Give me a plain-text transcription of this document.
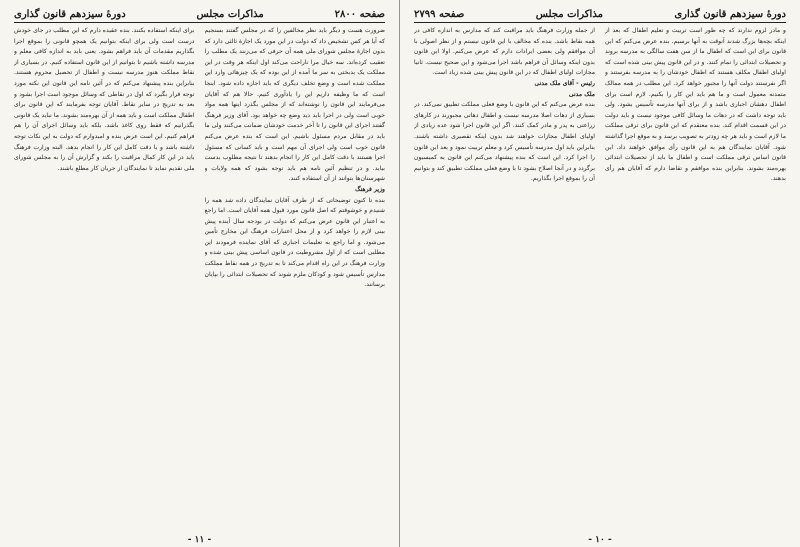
صفحه ۲۸۰۰
مذاکرات مجلس
دورهٔ سیزدهم قانون گذاری

ضرورت هست و دیگر باید نظر مخالفین را که در مجلس گفتند بسنجیم که آیا هر کس تشخیص داد که دولت در این مورد یک اجازهٔ ثالثی دارد که بدون اجازهٔ مجلس شورای ملی همه آن حرفی که می‌زنند یک مطلب را تعقیب کرده‌اند. سه خیال مرا ناراحت می‌کند اول اینکه هر وقت در این مملکت یک بدبختی به سر ما آمده از این بوده که یک چیزهائی وارد این مملکت شده است و وضع تخلف دیگری که باید اجازه داده شود. اینجا است که ما وظیفه داریم این را یادآوری کنیم. حالا هم که آقایان می‌فرمایند این قانون را نوشته‌اند که از مجلس بگذرد اینها همه مواد خوبی است ولی در اجرا باید دید وضع چه خواهد بود. آقای وزیر فرهنگ گفتند اجرای این قانون را تا آخر خدمت خودشان ضمانت می‌کنند ولی ما باید در مقابل مردم مسئول باشیم. این است که بنده عرض می‌کنم قانون خوب است ولی اجرای آن مهم است و باید کسانی که مسئول اجرا هستند با دقت کامل این کار را انجام بدهند تا نتیجه مطلوب بدست بیاید. و در تنظیم آئین نامه هم باید توجه بشود که همه ولایات و شهرستان‌ها بتوانند از آن استفاده کنند.

وزیر فرهنگ

بنده تا کنون توضیحاتی که از طرف آقایان نمایندگان داده شد همه را شنیدم و خوشوقتم که اصل قانون مورد قبول همه آقایان است. اما راجع به اعتبار این قانون عرض می‌کنم که دولت در بودجه سال آینده پیش بینی لازم را خواهد کرد و از محل اعتبارات فرهنگ این مخارج تأمین می‌شود. و اما راجع به تعلیمات اجباری که آقای نماینده فرمودند این مطلبی است که از اول مشروطیت در قانون اساسی پیش بینی شده و وزارت فرهنگ در این راه اقدام می‌کند تا به تدریج در همه نقاط مملکت مدارس تأسیس شود و کودکان ملزم شوند که تحصیلات ابتدائی را بپایان برسانند.

برای اینکه استفاده بکنند. بنده عقیده دارم که این مطلب در جای خودش درست است ولی برای اینکه بتوانیم یک همچو قانونی را بموقع اجرا بگذاریم مقدمات آن باید فراهم بشود. یعنی باید به اندازه کافی معلم و مدرسه داشته باشیم تا بتوانیم از این قانون استفاده کنیم. در بسیاری از نقاط مملکت هنوز مدرسه نیست و اطفال از تحصیل محروم هستند. بنابراین بنده پیشنهاد می‌کنم که در آئین نامه این قانون این نکته مورد توجه قرار بگیرد که اول در نقاطی که وسائل موجود است اجرا بشود و بعد به تدریج در سایر نقاط. آقایان توجه بفرمایند که این قانون برای اطفال مملکت است و باید همه از آن بهره‌مند بشوند. ما نباید یک قانونی بگذرانیم که فقط روی کاغذ باشد. بلکه باید وسائل اجرای آن را هم فراهم کنیم. این است عرض بنده و امیدوارم که دولت به این نکات توجه داشته باشد و با دقت کامل این کار را انجام بدهد. البته وزارت فرهنگ باید در این کار کمال مراقبت را بکند و گزارش آن را به مجلس شورای ملی تقدیم نماید تا نمایندگان از جریان کار مطلع باشند.

- ۱۱ -
دورهٔ سیزدهم قانون گذاری
مذاکرات مجلس
صفحه ۲۷۹۹

و مادر لزوم ندارند که چه طور است تربیت و تعلیم اطفال که بعد از اینکه بچه‌ها بزرگ شدند آنوقت به آنها برسیم. بنده عرض می‌کنم که این قانون برای این است که اطفال ما از سن هفت سالگی به مدرسه بروند و تحصیلات ابتدائی را تمام کنند. و در این قانون پیش بینی شده است که اولیای اطفال مکلف هستند که اطفال خودشان را به مدرسه بفرستند و اگر نفرستند دولت آنها را مجبور خواهد کرد. این مطلب در همه ممالک متمدنه معمول است و ما هم باید این کار را بکنیم. لازم است برای اطفال دهشان اجباری باشد و از برای آنها مدرسه تأسیس بشود. ولی باید توجه داشت که در دهات ما وسائل کافی موجود نیست و باید دولت در این قسمت اقدام کند. بنده معتقدم که این قانون برای ترقی مملکت ما لازم است و باید هر چه زودتر به تصویب برسد و به موقع اجرا گذاشته شود. آقایان نمایندگان هم به این قانون رأی موافق خواهند داد. این قانون اساس ترقی مملکت است و اطفال ما باید از تحصیلات ابتدائی بهره‌مند بشوند. بنابراین بنده موافقم و تقاضا دارم که آقایان هم رأی بدهند.

از جمله وزارت فرهنگ باید مراقبت کند که مدارس به اندازه کافی در همه نقاط باشد. بنده که مخالف با این قانون نیستم و از نظر اصولی با آن موافقم ولی بعضی ایرادات دارم که عرض می‌کنم. اولا این قانون بدون اینکه وسائل آن فراهم باشد اجرا می‌شود و این صحیح نیست. ثانیا مجازات اولیای اطفال که در این قانون پیش بینی شده زیاد است.

رئیس - آقای ملک مدنی

ملک مدنی

بنده عرض می‌کنم که این قانون با وضع فعلی مملکت تطبیق نمی‌کند. در بسیاری از دهات اصلا مدرسه نیست و اطفال دهاتی مجبورند در کارهای زراعتی به پدر و مادر کمک کنند. اگر این قانون اجرا شود عده زیادی از اولیای اطفال مجازات خواهند شد بدون اینکه تقصیری داشته باشند. بنابراین باید اول مدرسه تأسیس کرد و معلم تربیت نمود و بعد این قانون را اجرا کرد. این است که بنده پیشنهاد می‌کنم این قانون به کمیسیون برگردد و در آنجا اصلاح بشود تا با وضع فعلی مملکت تطبیق کند و بتوانیم آن را بموقع اجرا بگذاریم.

- ۱۰ -
